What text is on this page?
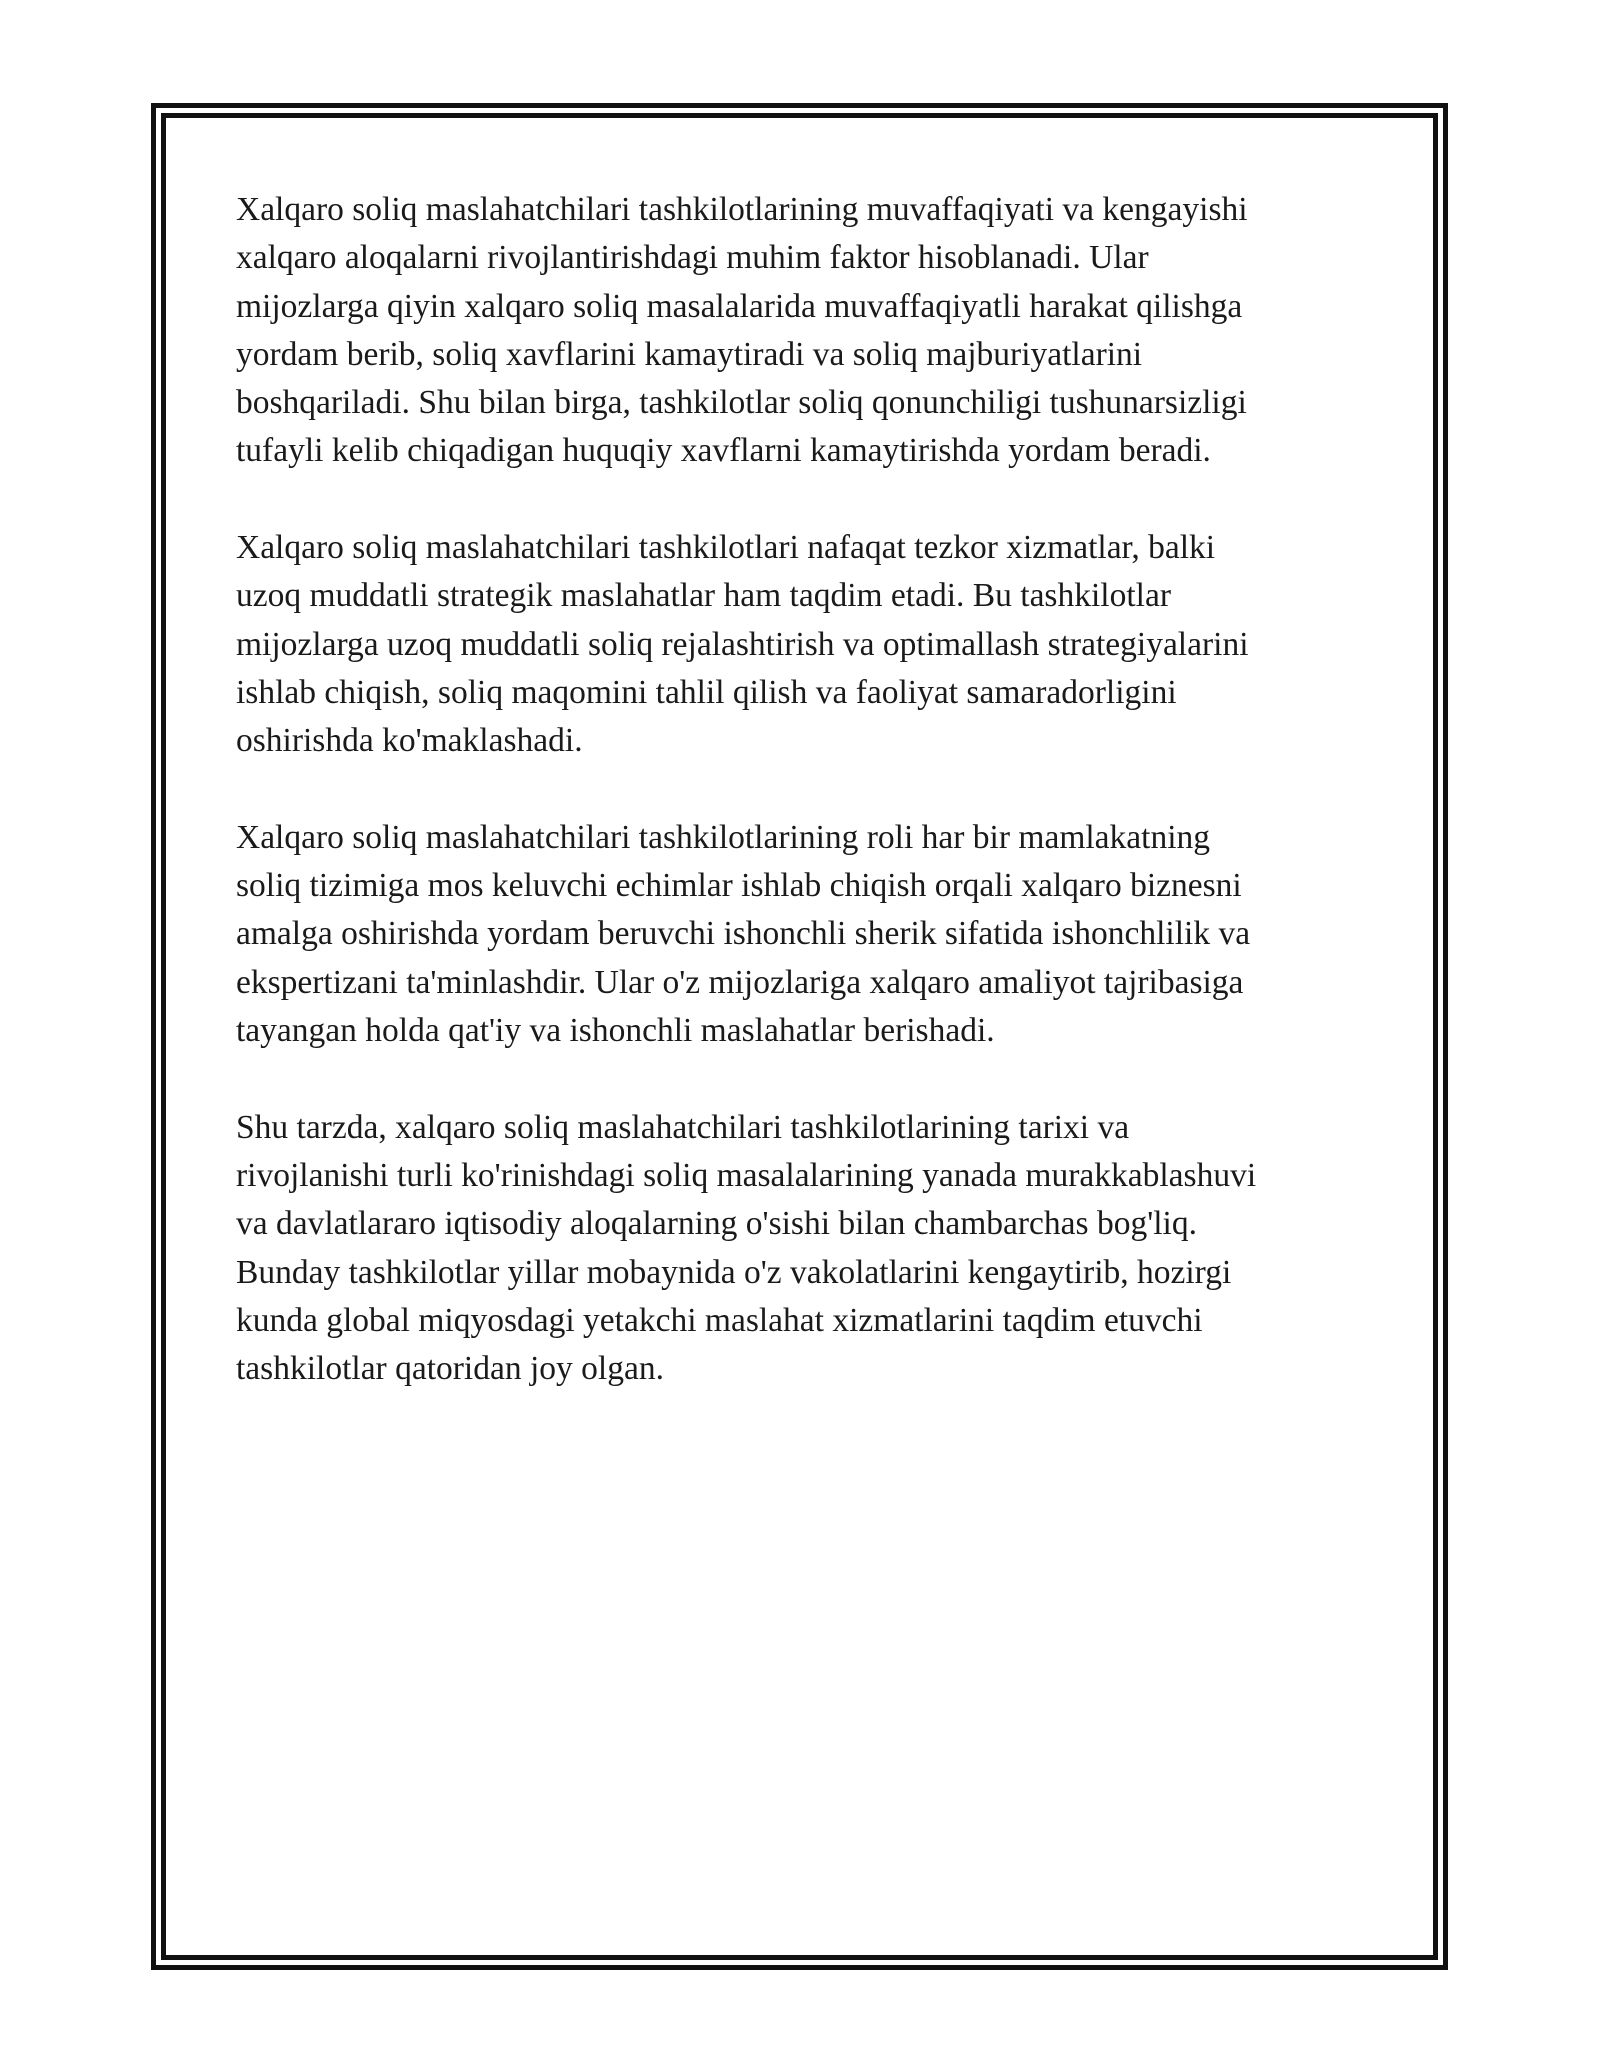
Xalqaro soliq maslahatchilari tashkilotlarining muvaffaqiyati va kengayishi
xalqaro aloqalarni rivojlantirishdagi muhim faktor hisoblanadi. Ular
mijozlarga qiyin xalqaro soliq masalalarida muvaffaqiyatli harakat qilishga
yordam berib, soliq xavflarini kamaytiradi va soliq majburiyatlarini
boshqariladi. Shu bilan birga, tashkilotlar soliq qonunchiligi tushunarsizligi
tufayli kelib chiqadigan huquqiy xavflarni kamaytirishda yordam beradi.

Xalqaro soliq maslahatchilari tashkilotlari nafaqat tezkor xizmatlar, balki
uzoq muddatli strategik maslahatlar ham taqdim etadi. Bu tashkilotlar
mijozlarga uzoq muddatli soliq rejalashtirish va optimallash strategiyalarini
ishlab chiqish, soliq maqomini tahlil qilish va faoliyat samaradorligini
oshirishda ko'maklashadi.

Xalqaro soliq maslahatchilari tashkilotlarining roli har bir mamlakatning
soliq tizimiga mos keluvchi echimlar ishlab chiqish orqali xalqaro biznesni
amalga oshirishda yordam beruvchi ishonchli sherik sifatida ishonchlilik va
ekspertizani ta'minlashdir. Ular o'z mijozlariga xalqaro amaliyot tajribasiga
tayangan holda qat'iy va ishonchli maslahatlar berishadi.

Shu tarzda, xalqaro soliq maslahatchilari tashkilotlarining tarixi va
rivojlanishi turli ko'rinishdagi soliq masalalarining yanada murakkablashuvi
va davlatlararo iqtisodiy aloqalarning o'sishi bilan chambarchas bog'liq.
Bunday tashkilotlar yillar mobaynida o'z vakolatlarini kengaytirib, hozirgi
kunda global miqyosdagi yetakchi maslahat xizmatlarini taqdim etuvchi
tashkilotlar qatoridan joy olgan.
